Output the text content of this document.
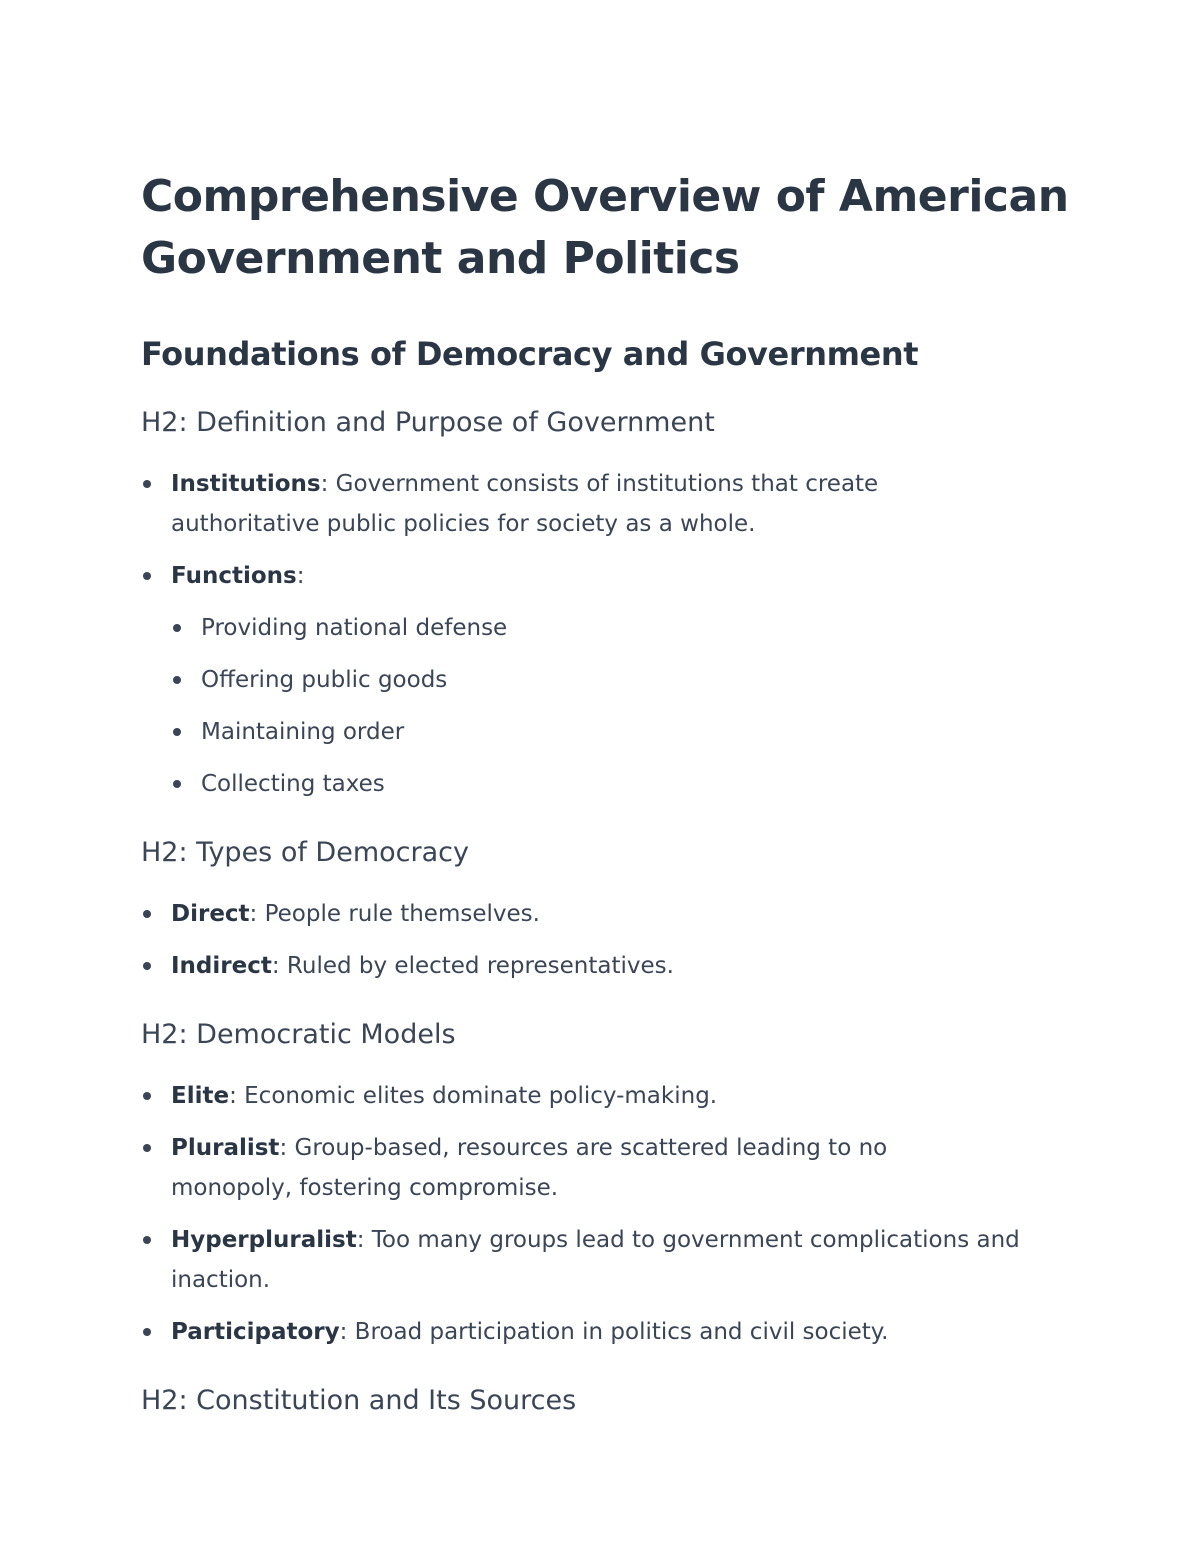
Comprehensive Overview of American Government and Politics
Foundations of Democracy and Government
H2: Definition and Purpose of Government
Institutions: Government consists of institutions that create authoritative public policies for society as a whole.
Functions:
Providing national defense
Offering public goods
Maintaining order
Collecting taxes
H2: Types of Democracy
Direct: People rule themselves.
Indirect: Ruled by elected representatives.
H2: Democratic Models
Elite: Economic elites dominate policy-making.
Pluralist: Group-based, resources are scattered leading to no monopoly, fostering compromise.
Hyperpluralist: Too many groups lead to government complications and inaction.
Participatory: Broad participation in politics and civil society.
H2: Constitution and Its Sources
